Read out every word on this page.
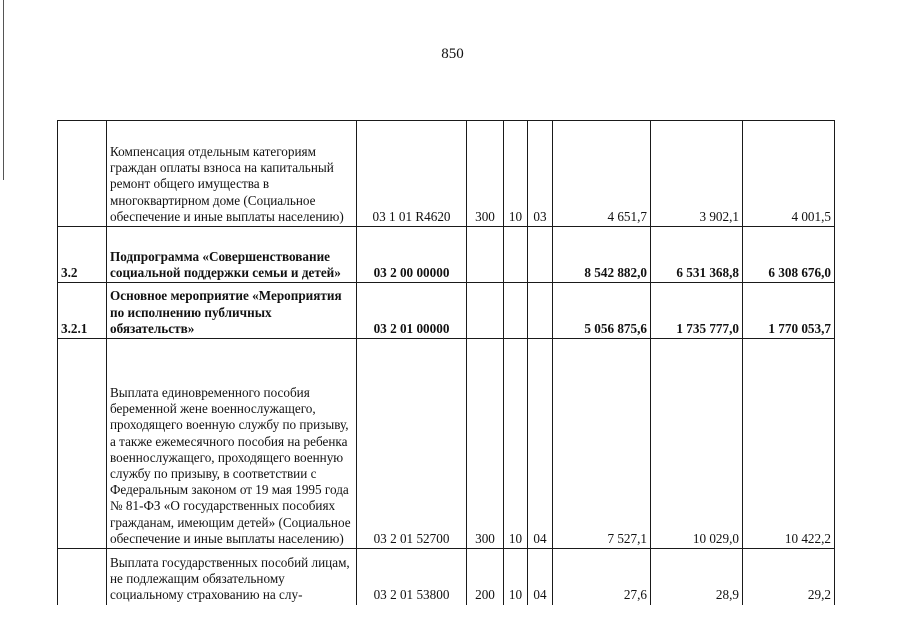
850
	Компенсация отдельным категориям граждан оплаты взноса на капитальный ремонт общего имущества в многоквартирном доме (Социальное обеспечение и иные выплаты населению)	03 1 01 R4620	300	10	03	4 651,7	3 902,1	4 001,5
3.2	Подпрограмма «Совершенствование социальной поддержки семьи и детей»	03 2 00 00000				8 542 882,0	6 531 368,8	6 308 676,0
3.2.1	Основное мероприятие «Мероприятия по исполнению публичных обязательств»	03 2 01 00000				5 056 875,6	1 735 777,0	1 770 053,7
	Выплата единовременного пособия беременной жене военнослужащего, проходящего военную службу по призыву, а также ежемесячного пособия на ребенка военнослужащего, проходящего военную службу по призыву, в соответствии с Федеральным законом от 19 мая 1995 года № 81-ФЗ «О государственных пособиях гражданам, имеющим детей» (Социальное обеспечение и иные выплаты населению)	03 2 01 52700	300	10	04	7 527,1	10 029,0	10 422,2
	Выплата государственных пособий лицам, не подлежащим обязательному социальному страхованию на слу-	03 2 01 53800	200	10	04	27,6	28,9	29,2
